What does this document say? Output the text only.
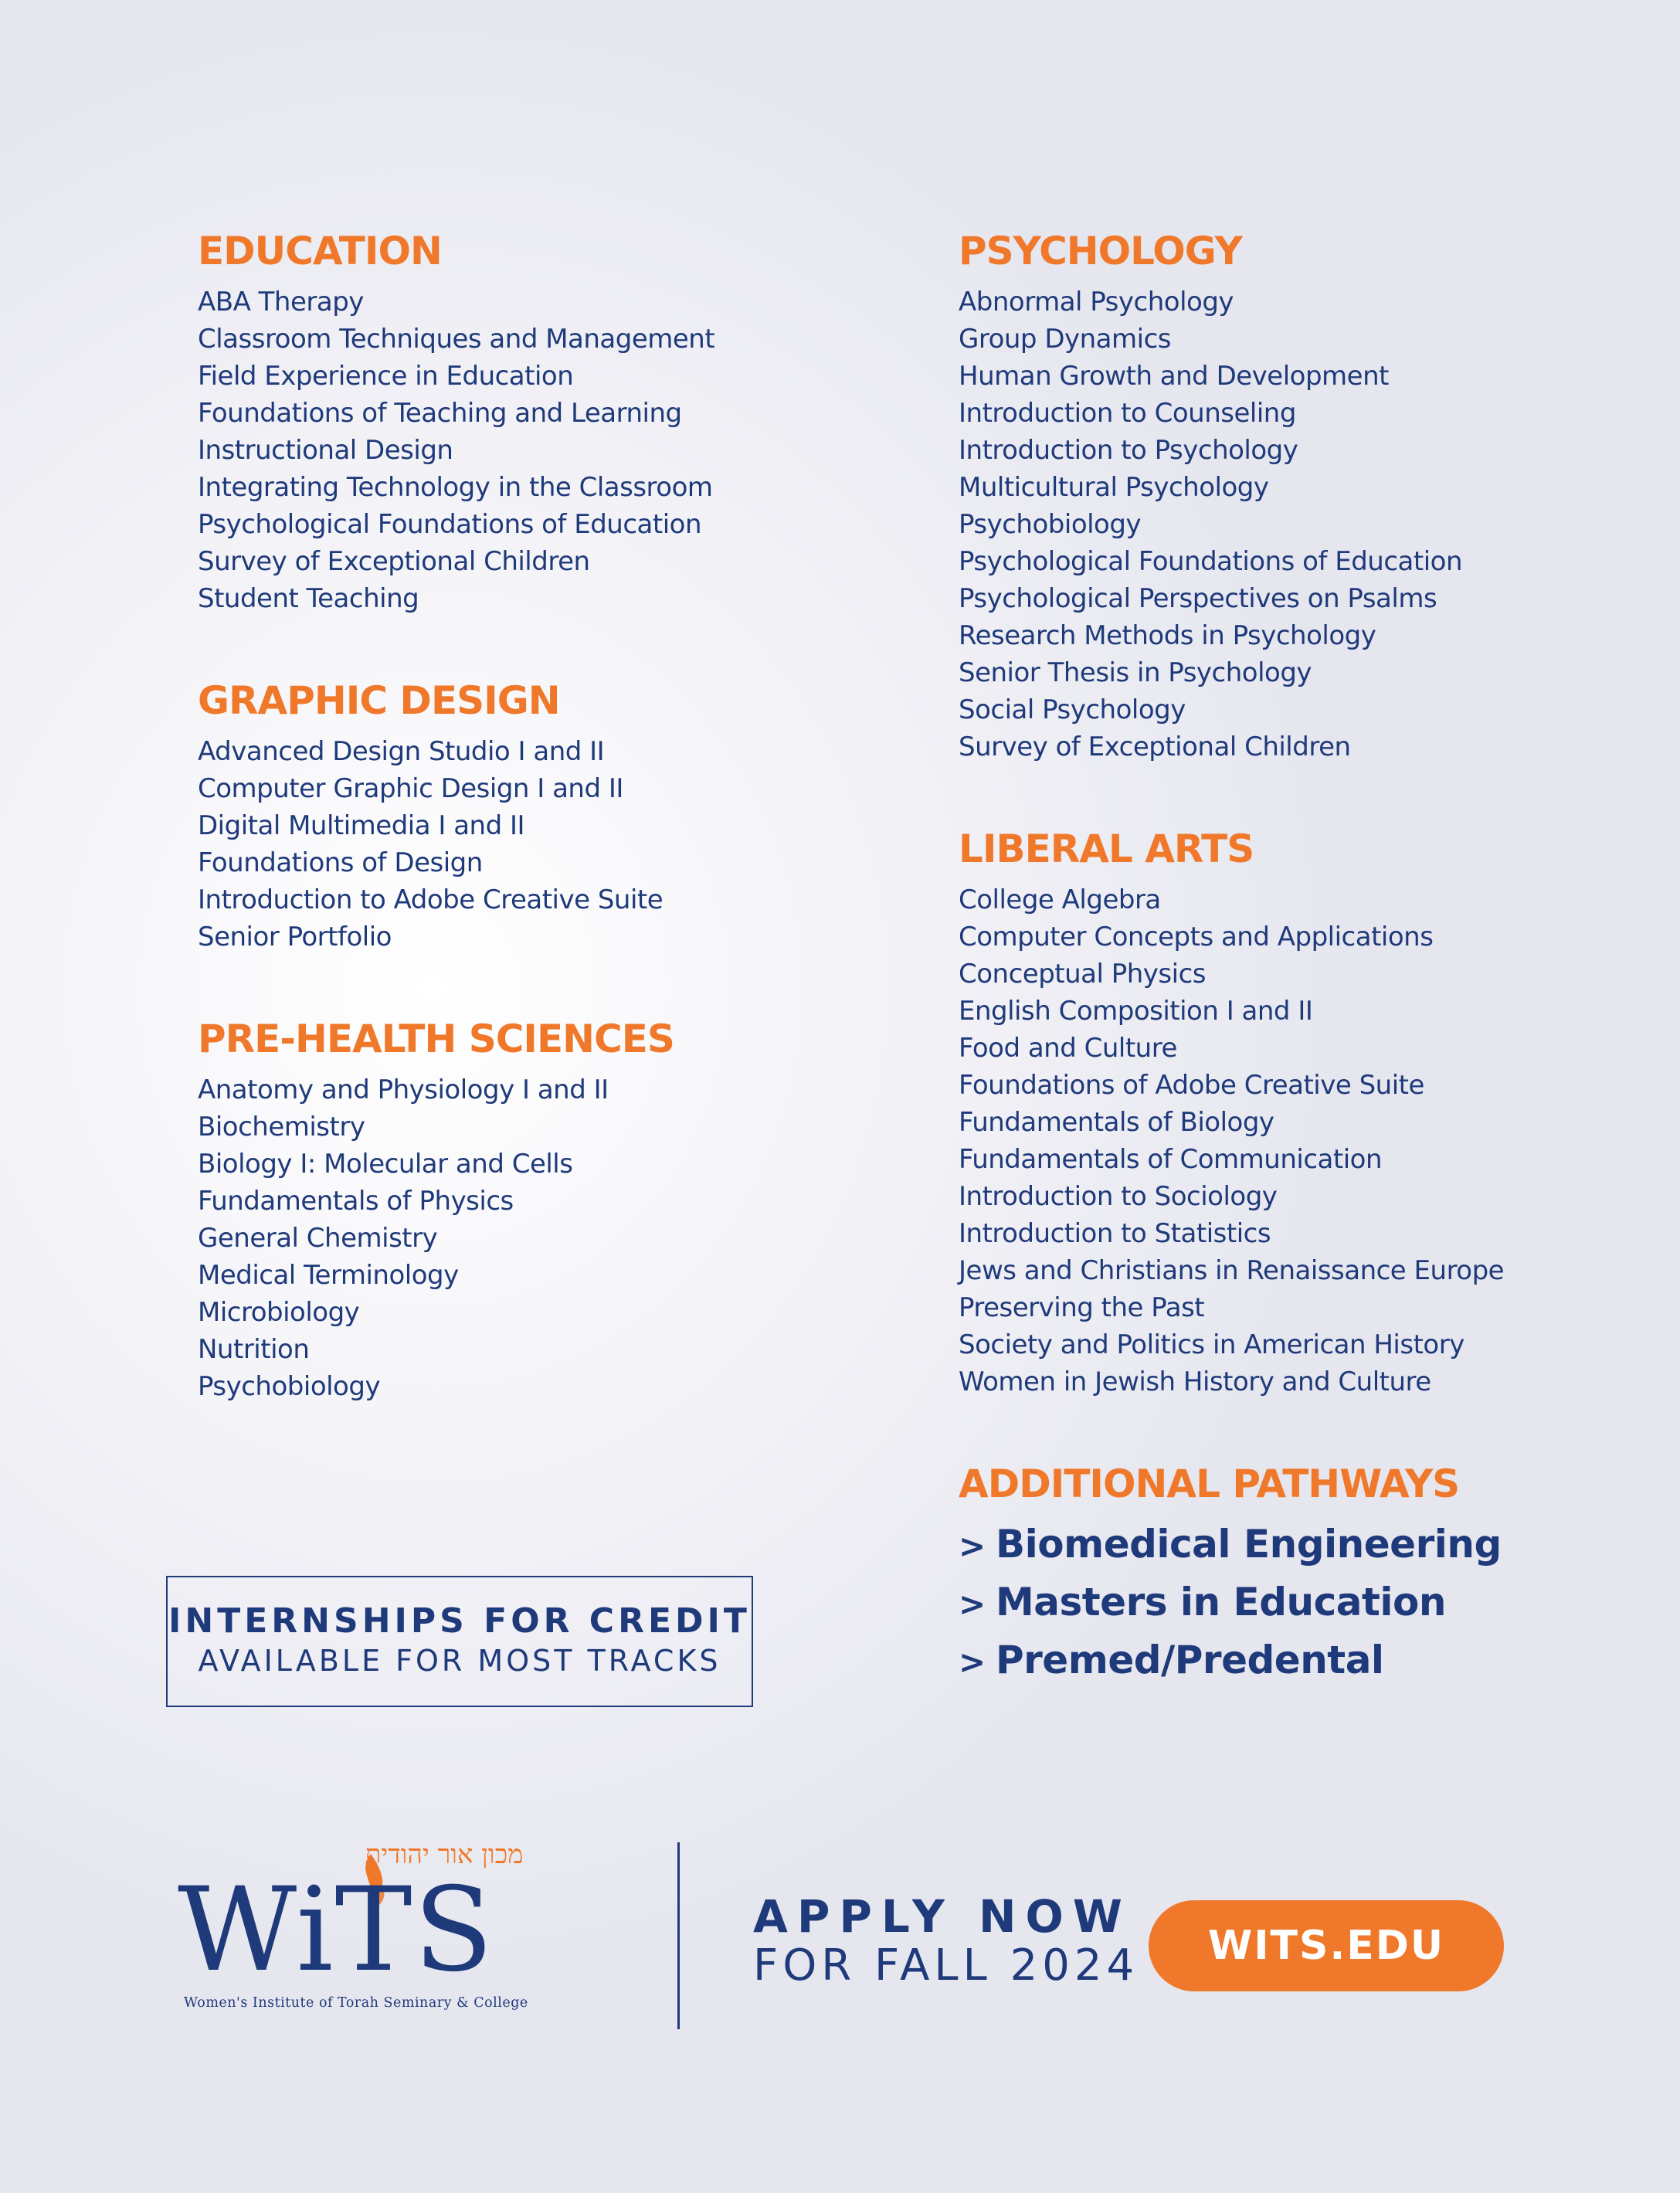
EDUCATION
ABA Therapy
Classroom Techniques and Management
Field Experience in Education
Foundations of Teaching and Learning
Instructional Design
Integrating Technology in the Classroom
Psychological Foundations of Education
Survey of Exceptional Children
Student Teaching
GRAPHIC DESIGN
Advanced Design Studio I and II
Computer Graphic Design I and II
Digital Multimedia I and II
Foundations of Design
Introduction to Adobe Creative Suite
Senior Portfolio
PRE-HEALTH SCIENCES
Anatomy and Physiology I and II
Biochemistry
Biology I: Molecular and Cells
Fundamentals of Physics
General Chemistry
Medical Terminology
Microbiology
Nutrition
Psychobiology
PSYCHOLOGY
Abnormal Psychology
Group Dynamics
Human Growth and Development
Introduction to Counseling
Introduction to Psychology
Multicultural Psychology
Psychobiology
Psychological Foundations of Education
Psychological Perspectives on Psalms
Research Methods in Psychology
Senior Thesis in Psychology
Social Psychology
Survey of Exceptional Children
LIBERAL ARTS
College Algebra
Computer Concepts and Applications
Conceptual Physics
English Composition I and II
Food and Culture
Foundations of Adobe Creative Suite
Fundamentals of Biology
Fundamentals of Communication
Introduction to Sociology
Introduction to Statistics
Jews and Christians in Renaissance Europe
Preserving the Past
Society and Politics in American History
Women in Jewish History and Culture
ADDITIONAL PATHWAYS
> Biomedical Engineering
> Masters in Education
> Premed/Predental
INTERNSHIPS FOR CREDIT
AVAILABLE FOR MOST TRACKS
מכון אור יהודית
WiTS
Women's Institute of Torah Seminary & College
APPLY NOW
FOR FALL 2024	WITS.EDU
